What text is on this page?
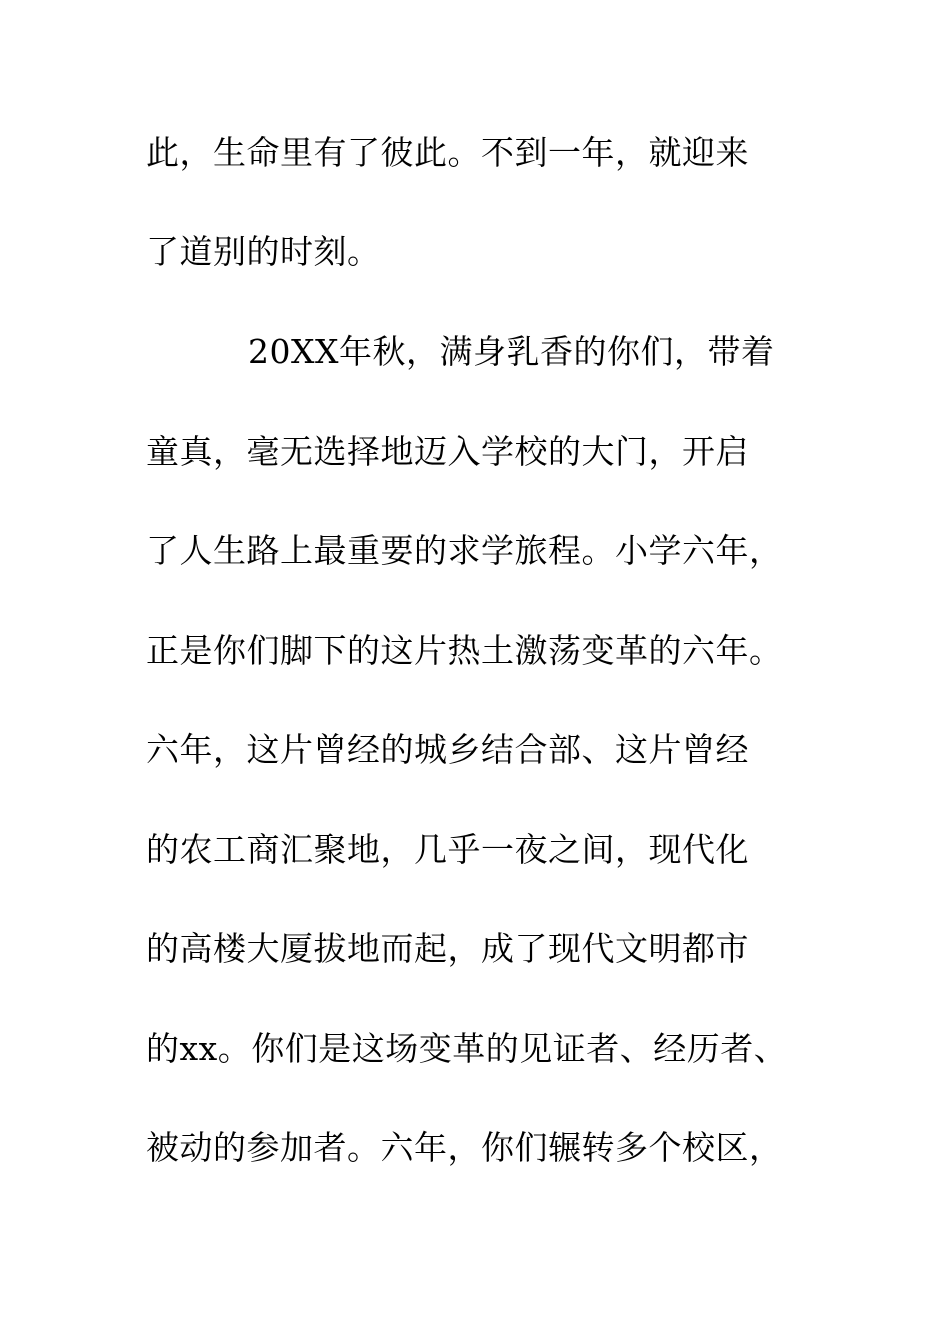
此，生命里有了彼此。不到一年，就迎来
了道别的时刻。
20XX年秋，满身乳香的你们，带着
童真，毫无选择地迈入学校的大门，开启
了人生路上最重要的求学旅程。小学六年，
正是你们脚下的这片热土激荡变革的六年。
六年，这片曾经的城乡结合部、这片曾经
的农工商汇聚地，几乎一夜之间，现代化
的高楼大厦拔地而起，成了现代文明都市
的xx。你们是这场变革的见证者、经历者、
被动的参加者。六年，你们辗转多个校区，
